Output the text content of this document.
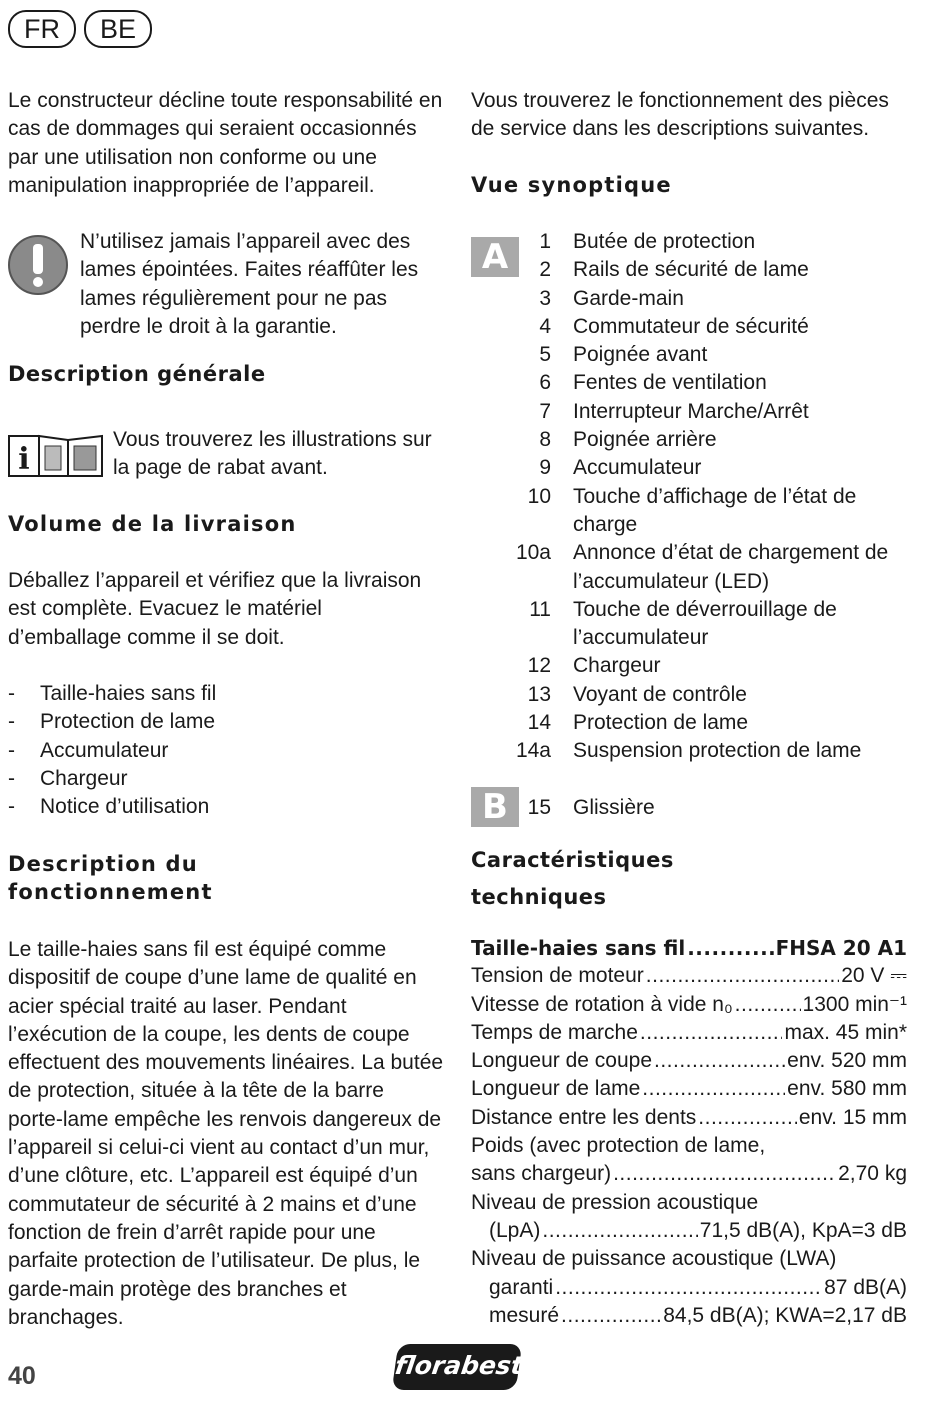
FR	BE

Le constructeur décline toute responsabilité en cas de dommages qui seraient occasionnés par une utilisation non conforme ou une manipulation inappropriée de l’appareil.

N’utilisez jamais l’appareil avec des lames épointées. Faites réaffûter les lames régulièrement pour ne pas perdre le droit à la garantie.

Description générale
i

Vous trouverez les illustrations sur la page de rabat avant.

Volume de la livraison

Déballez l’appareil et vérifiez que la livraison est complète. Evacuez le matériel d’emballage comme il se doit.

- Taille-haies sans fil
- Protection de lame
- Accumulateur
- Chargeur
- Notice d’utilisation
Description du
fonctionnement

Le taille-haies sans fil est équipé comme dispositif de coupe d’une lame de qualité en acier spécial traité au laser. Pendant l’exécution de la coupe, les dents de coupe effectuent des mouvements linéaires. La butée de protection, située à la tête de la barre porte-lame empêche les renvois dangereux de l’appareil si celui-ci vient au contact d’un mur, d’une clôture, etc. L’appareil est équipé d’un commutateur de sécurité à 2 mains et d’une fonction de frein d’arrêt rapide pour une parfaite protection de l’utilisateur. De plus, le garde-main protège des branches et branchages.

Vous trouverez le fonctionnement des pièces de service dans les descriptions suivantes.

Vue synoptique
A	1	Butée de protection
2	Rails de sécurité de lame
3	Garde-main
4	Commutateur de sécurité
5	Poignée avant
6	Fentes de ventilation
7	Interrupteur Marche/Arrêt
8	Poignée arrière
9	Accumulateur
10	Touche d’affichage de l’état de charge
10a	Annonce d’état de chargement de l’accumulateur (LED)
11	Touche de déverrouillage de l’accumulateur
12	Chargeur
13	Voyant de contrôle
14	Protection de lame
14a	Suspension protection de lame
B 15	Glissière
Caractéristiques
techniques
Taille-haies sans fil .....	FHSA 20 A1
Tension de moteur .....	20 V ⎓
Vitesse de rotation à vide n₀ .....	1300 min⁻¹
Temps de marche .....	max. 45 min*
Longueur de coupe .....	env. 520 mm
Longueur de lame .....	env. 580 mm
Distance entre les dents .....	env. 15 mm
Poids (avec protection de lame,
sans chargeur) .....	2,70 kg
Niveau de pression acoustique
(LpA) .....	71,5 dB(A), KpA=3 dB
Niveau de puissance acoustique (LWA)
garanti .....	87 dB(A)
mesuré .....	84,5 dB(A); KWA=2,17 dB
40	florabest
